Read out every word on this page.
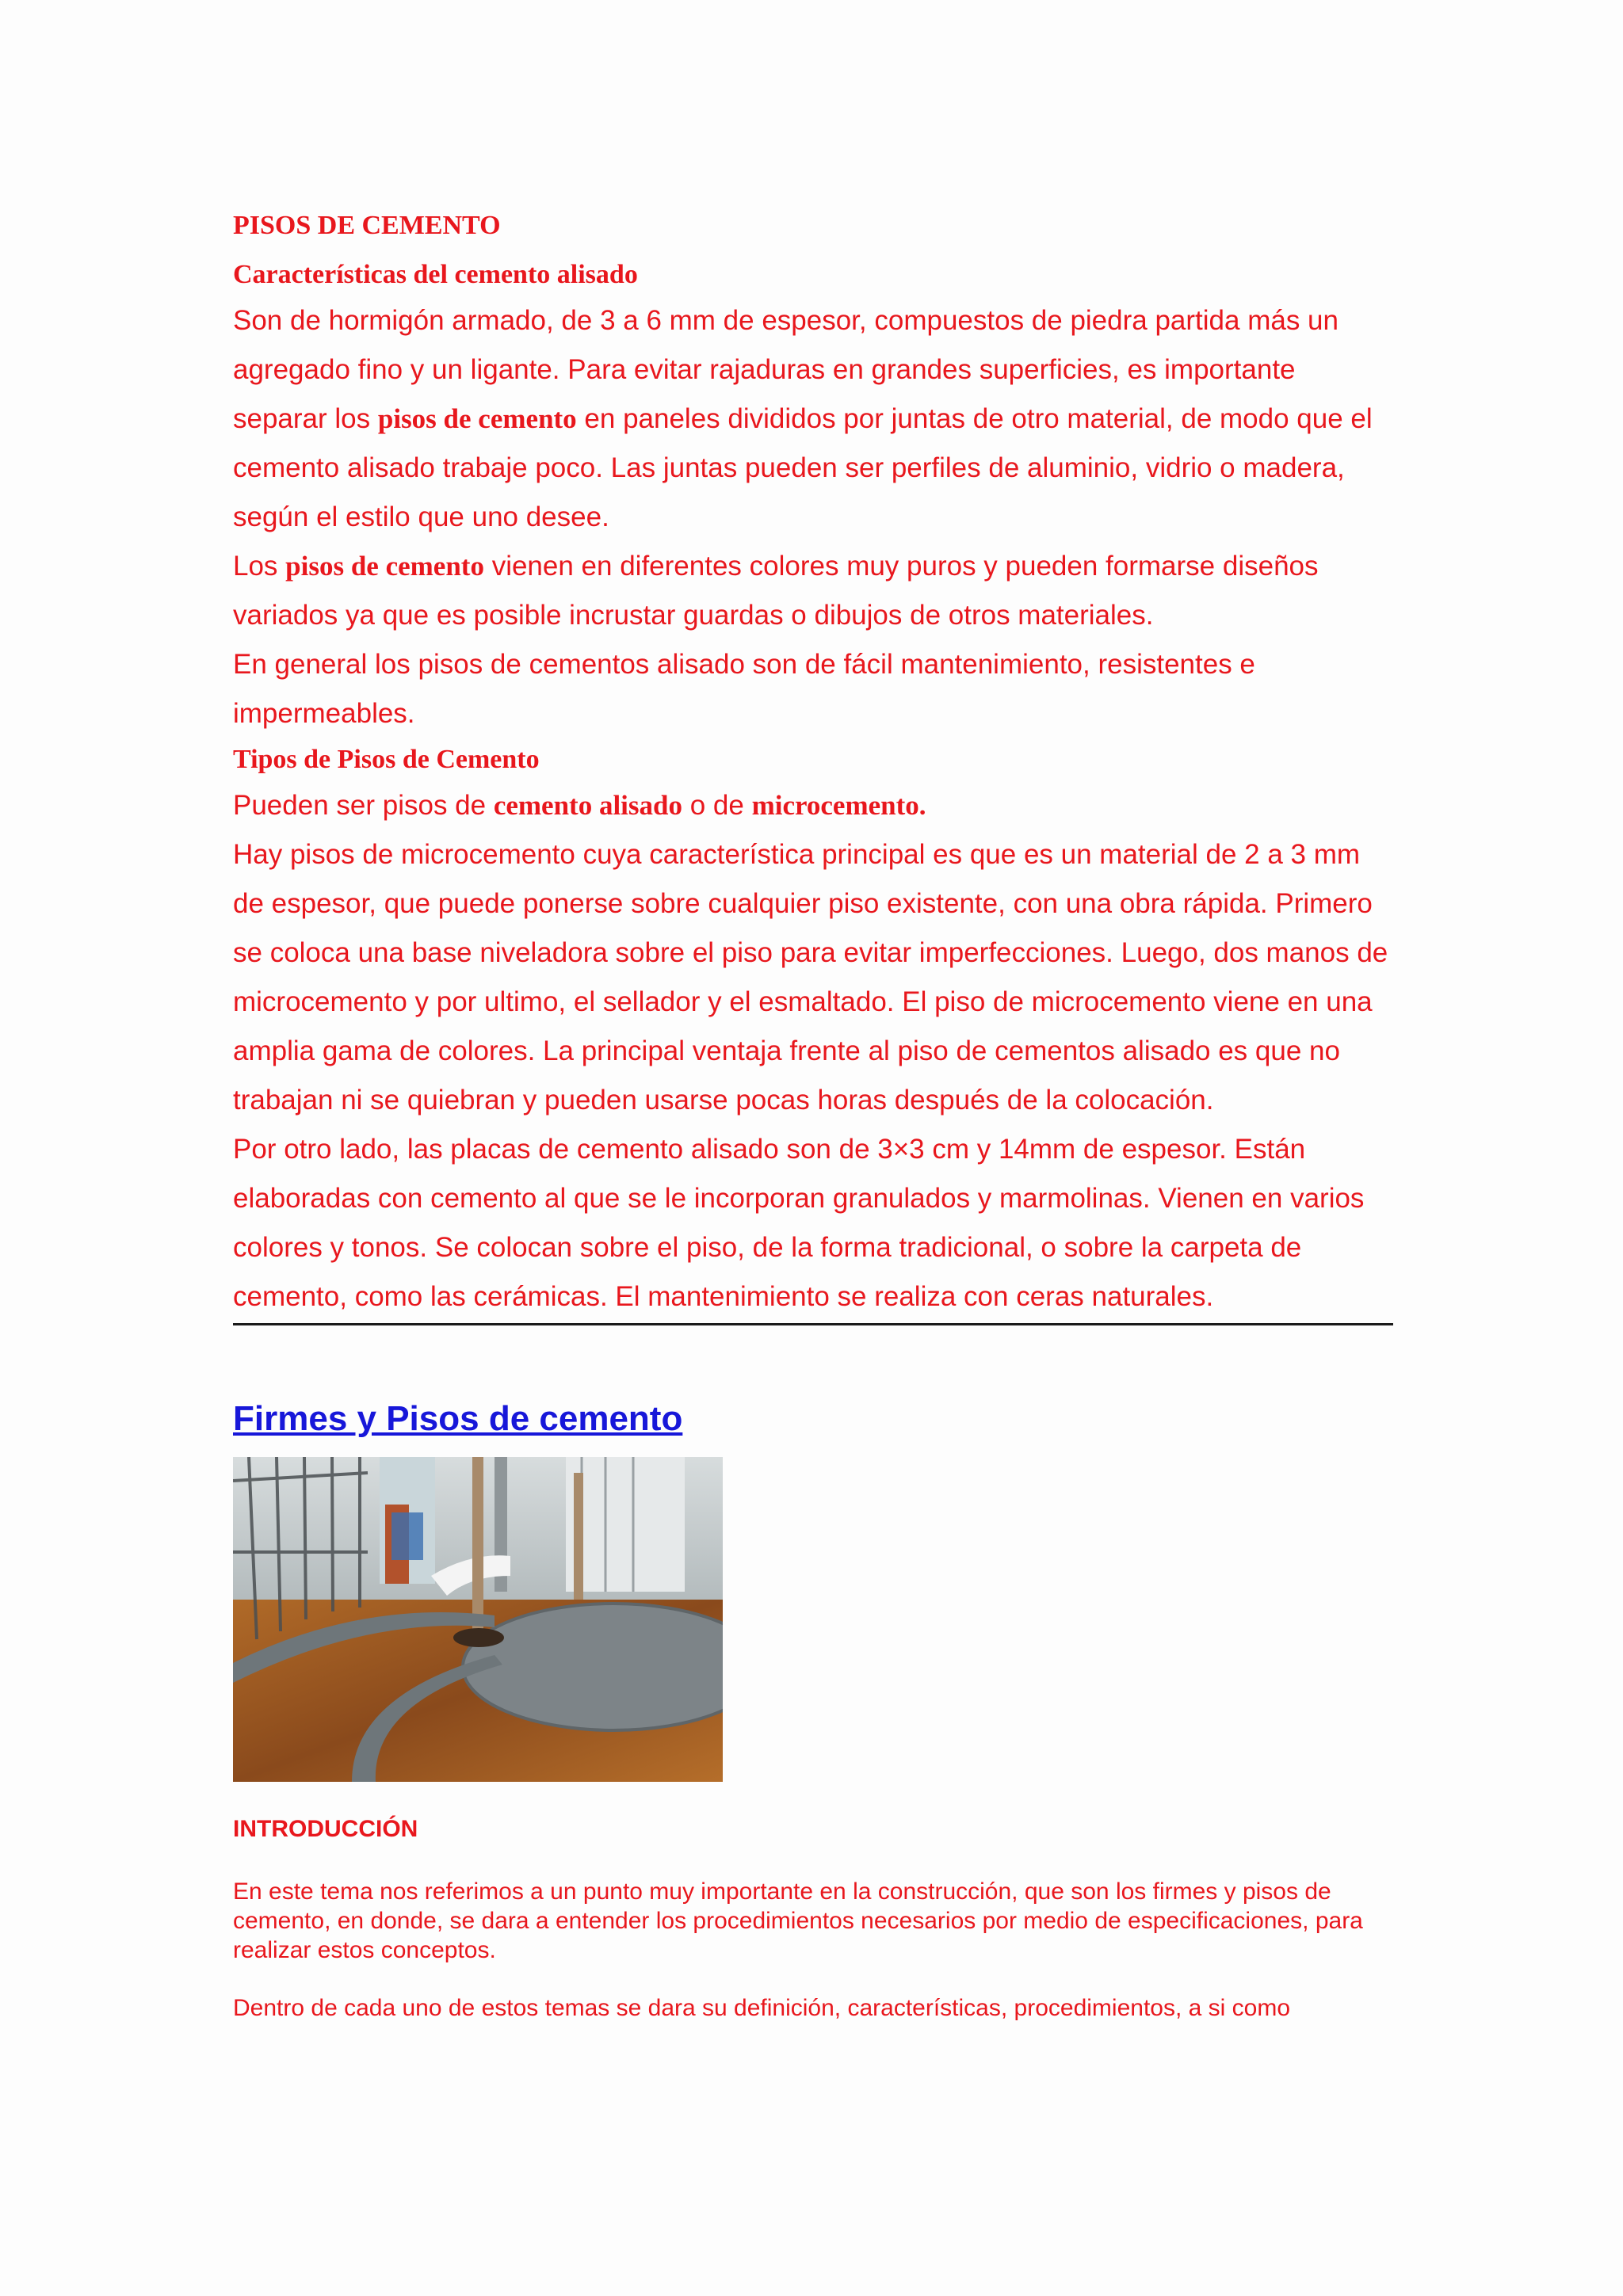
PISOS DE CEMENTO
Características del cemento alisado

Son de hormigón armado, de 3 a 6 mm de espesor, compuestos de piedra partida más un agregado fino y un ligante. Para evitar rajaduras en grandes superficies, es importante separar los pisos de cemento en paneles divididos por juntas de otro material, de modo que el cemento alisado trabaje poco. Las juntas pueden ser perfiles de aluminio, vidrio o madera, según el estilo que uno desee.

Los pisos de cemento vienen en diferentes colores muy puros y pueden formarse diseños variados ya que es posible incrustar guardas o dibujos de otros materiales.

En general los pisos de cementos alisado son de fácil mantenimiento, resistentes e impermeables.

Tipos de Pisos de Cemento

Pueden ser pisos de cemento alisado o de microcemento.

Hay pisos de microcemento cuya característica principal es que es un material de 2 a 3 mm de espesor, que puede ponerse sobre cualquier piso existente, con una obra rápida. Primero se coloca una base niveladora sobre el piso para evitar imperfecciones. Luego, dos manos de microcemento y por ultimo, el sellador y el esmaltado. El piso de microcemento viene en una amplia gama de colores. La principal ventaja frente al piso de cementos alisado es que no trabajan ni se quiebran y pueden usarse pocas horas después de la colocación.

Por otro lado, las placas de cemento alisado son de 3×3 cm y 14mm de espesor. Están elaboradas con cemento al que se le incorporan granulados y marmolinas. Vienen en varios colores y tonos. Se colocan sobre el piso, de la forma tradicional, o sobre la carpeta de cemento, como las cerámicas. El mantenimiento se realiza con ceras naturales.

Firmes y Pisos de cemento
INTRODUCCIÓN

En este tema nos referimos a un punto muy importante en la construcción, que son los firmes y pisos de cemento, en donde, se dara a entender los procedimientos necesarios por medio de especificaciones, para realizar estos conceptos.

Dentro de cada uno de estos temas se dara su definición, características, procedimientos, a si como
